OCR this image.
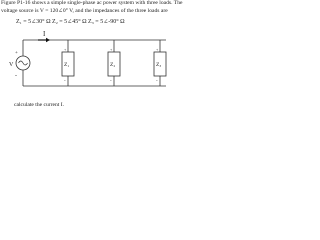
Figure P1-16 shows a simple single-phase ac power system with three loads. The
voltage source is V = 120∠0° V, and the impedances of the three loads are
Z₁ = 5∠30° Ω Z₂ = 5∠45° Ω Z₃ = 5∠-90° Ω
I
+
-
V
+
-
+
-
+
-
Z₁	Z₂	Z₃
calculate the current I.
